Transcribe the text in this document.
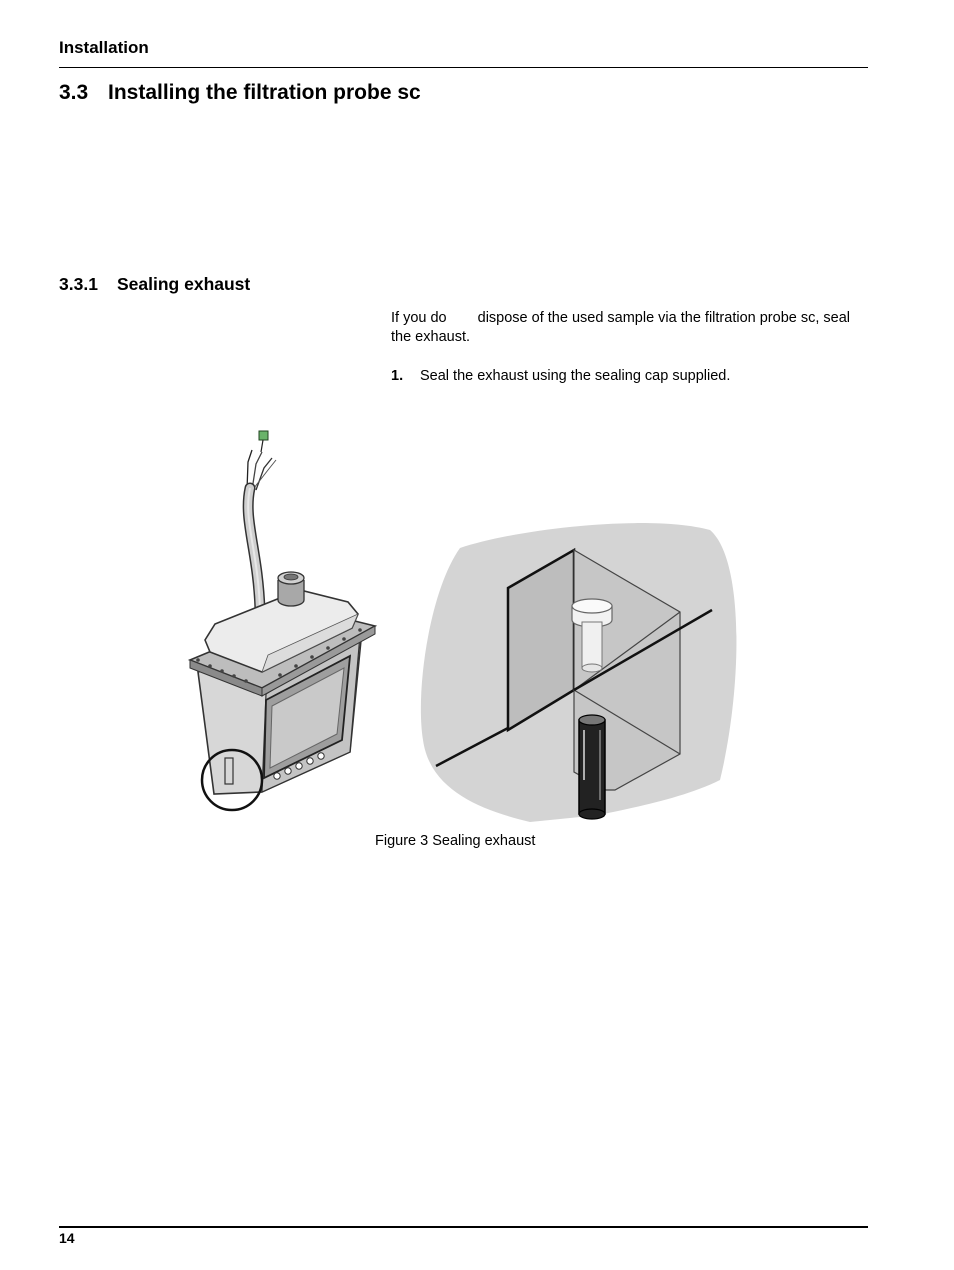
Installation
3.3 Installing the filtration probe sc
3.3.1 Sealing exhaust
If you do dispose of the used sample via the filtration probe sc, seal the exhaust.
1. Seal the exhaust using the sealing cap supplied.
Figure 3 Sealing exhaust
14
